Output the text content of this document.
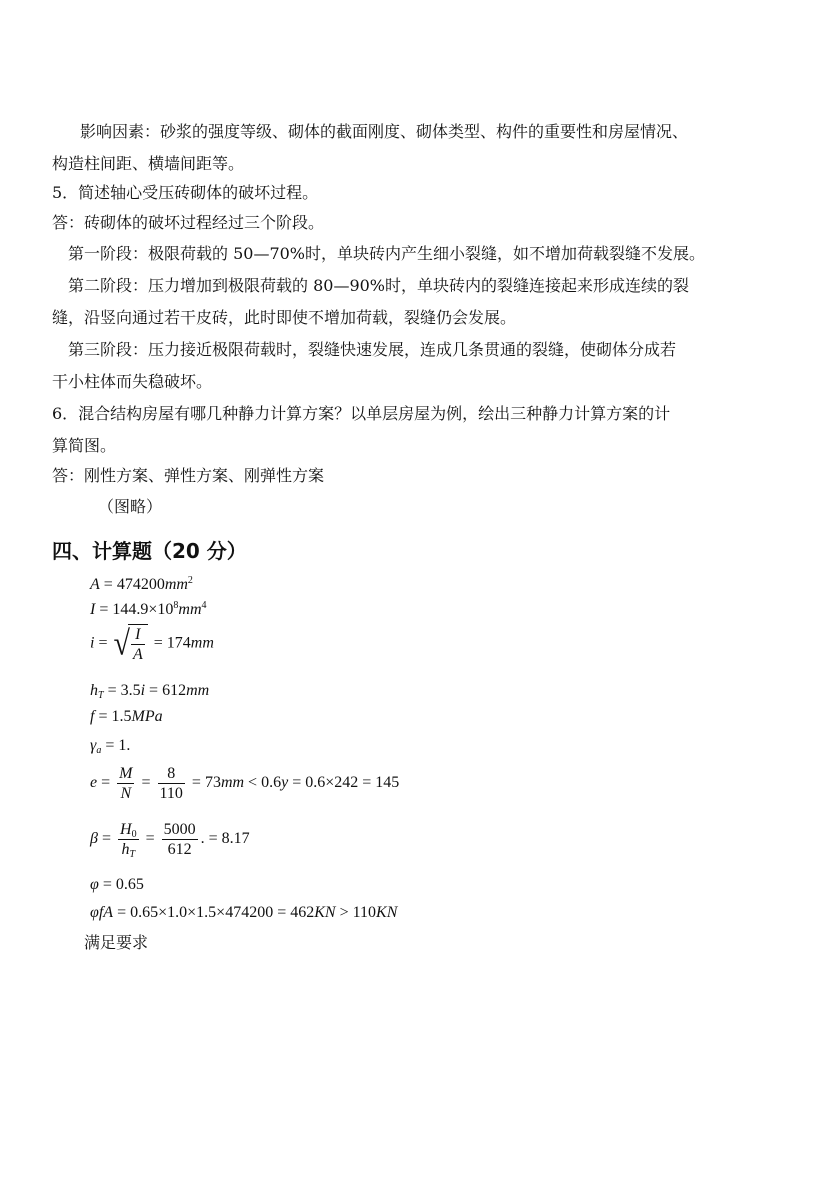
影响因素：砂浆的强度等级、砌体的截面刚度、砌体类型、构件的重要性和房屋情况、
构造柱间距、横墙间距等。
5．简述轴心受压砖砌体的破坏过程。
答：砖砌体的破坏过程经过三个阶段。
第一阶段：极限荷载的 50—70%时，单块砖内产生细小裂缝，如不增加荷载裂缝不发展。
第二阶段：压力增加到极限荷载的 80—90%时，单块砖内的裂缝连接起来形成连续的裂
缝，沿竖向通过若干皮砖，此时即使不增加荷载，裂缝仍会发展。
第三阶段：压力接近极限荷载时，裂缝快速发展，连成几条贯通的裂缝，使砌体分成若
干小柱体而失稳破坏。
6．混合结构房屋有哪几种静力计算方案？以单层房屋为例，绘出三种静力计算方案的计
算简图。
答：刚性方案、弹性方案、刚弹性方案
（图略）
四、计算题（20 分）
$A = 474200mm^2$
$I = 144.9\times 10^8mm^4$
i = √ $\frac{I}{A} = 174mm$
$h_T = 3.5i = 612mm$
f = 1.5MPa
$\gamma_a = 1$.
$e = \frac{M}{N} = \frac{8}{110} = 73mm < 0.6y = 0.6\times 242 = 145$
$\beta = \frac{H_0}{h_T} = \frac{5000}{612}$ . = 8.17
φ = 0.65
φfA = 0.65×1.0×1.5×474200 = 462KN > 110KN
满足要求
